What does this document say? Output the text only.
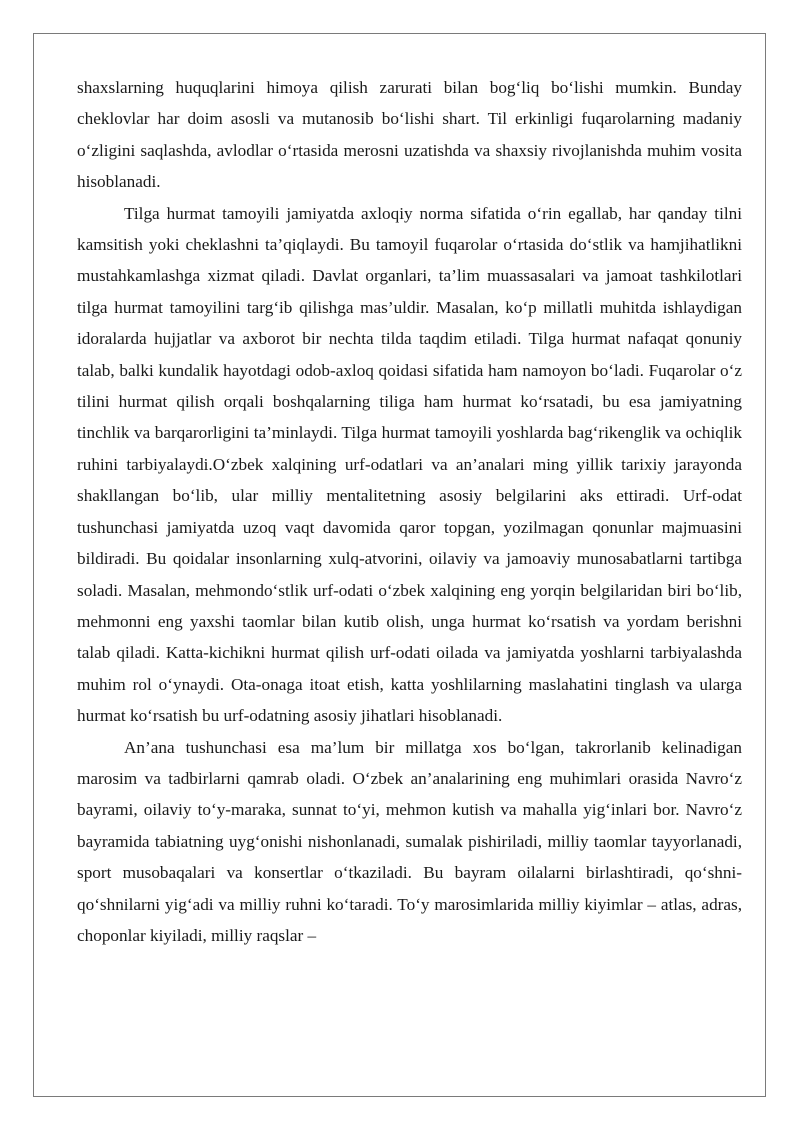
shaxslarning huquqlarini himoya qilish zarurati bilan bog‘liq bo‘lishi mumkin. Bunday cheklovlar har doim asosli va mutanosib bo‘lishi shart. Til erkinligi fuqarolarning madaniy o‘zligini saqlashda, avlodlar o‘rtasida merosni uzatishda va shaxsiy rivojlanishda muhim vosita hisoblanadi.

Tilga hurmat tamoyili jamiyatda axloqiy norma sifatida o‘rin egallab, har qanday tilni kamsitish yoki cheklashni ta’qiqlaydi. Bu tamoyil fuqarolar o‘rtasida do‘stlik va hamjihatlikni mustahkamlashga xizmat qiladi. Davlat organlari, ta’lim muassasalari va jamoat tashkilotlari tilga hurmat tamoyilini targ‘ib qilishga mas’uldir. Masalan, ko‘p millatli muhitda ishlaydigan idoralarda hujjatlar va axborot bir nechta tilda taqdim etiladi. Tilga hurmat nafaqat qonuniy talab, balki kundalik hayotdagi odob-axloq qoidasi sifatida ham namoyon bo‘ladi. Fuqarolar o‘z tilini hurmat qilish orqali boshqalarning tiliga ham hurmat ko‘rsatadi, bu esa jamiyatning tinchlik va barqarorligini ta’minlaydi. Tilga hurmat tamoyili yoshlarda bag‘rikenglik va ochiqlik ruhini tarbiyalaydi.O‘zbek xalqining urf-odatlari va an’analari ming yillik tarixiy jarayonda shakllangan bo‘lib, ular milliy mentalitetning asosiy belgilarini aks ettiradi. Urf-odat tushunchasi jamiyatda uzoq vaqt davomida qaror topgan, yozilmagan qonunlar majmuasini bildiradi. Bu qoidalar insonlarning xulq-atvorini, oilaviy va jamoaviy munosabatlarni tartibga soladi. Masalan, mehmondo‘stlik urf-odati o‘zbek xalqining eng yorqin belgilaridan biri bo‘lib, mehmonni eng yaxshi taomlar bilan kutib olish, unga hurmat ko‘rsatish va yordam berishni talab qiladi. Katta-kichikni hurmat qilish urf-odati oilada va jamiyatda yoshlarni tarbiyalashda muhim rol o‘ynaydi. Ota-onaga itoat etish, katta yoshlilarning maslahatini tinglash va ularga hurmat ko‘rsatish bu urf-odatning asosiy jihatlari hisoblanadi.

An’ana tushunchasi esa ma’lum bir millatga xos bo‘lgan, takrorlanib kelinadigan marosim va tadbirlarni qamrab oladi. O‘zbek an’analarining eng muhimlari orasida Navro‘z bayrami, oilaviy to‘y-maraka, sunnat to‘yi, mehmon kutish va mahalla yig‘inlari bor. Navro‘z bayramida tabiatning uyg‘onishi nishonlanadi, sumalak pishiriladi, milliy taomlar tayyorlanadi, sport musobaqalari va konsertlar o‘tkaziladi. Bu bayram oilalarni birlashtiradi, qo‘shni-qo‘shnilarni yig‘adi va milliy ruhni ko‘taradi. To‘y marosimlarida milliy kiyimlar – atlas, adras, choponlar kiyiladi, milliy raqslar –
